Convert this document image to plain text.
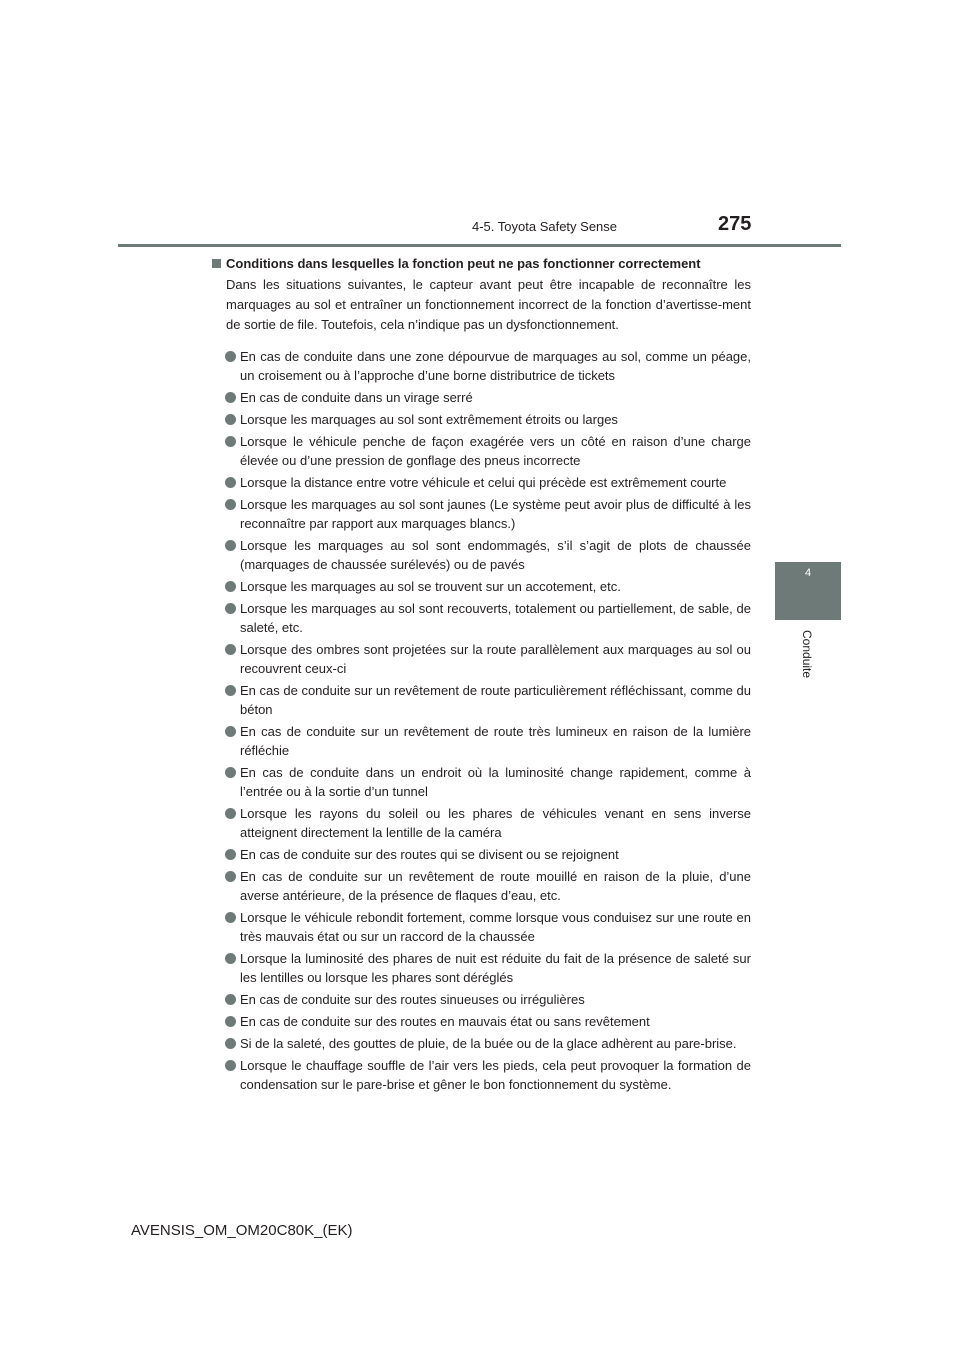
4-5. Toyota Safety Sense	275
4
Conduite
Conditions dans lesquelles la fonction peut ne pas fonctionner correctement
Dans les situations suivantes, le capteur avant peut être incapable de reconnaître les marquages au sol et entraîner un fonctionnement incorrect de la fonction d’avertisse-ment de sortie de file. Toutefois, cela n’indique pas un dysfonctionnement.
En cas de conduite dans une zone dépourvue de marquages au sol, comme un péage, un croisement ou à l’approche d’une borne distributrice de tickets
En cas de conduite dans un virage serré
Lorsque les marquages au sol sont extrêmement étroits ou larges
Lorsque le véhicule penche de façon exagérée vers un côté en raison d’une charge élevée ou d’une pression de gonflage des pneus incorrecte
Lorsque la distance entre votre véhicule et celui qui précède est extrêmement courte
Lorsque les marquages au sol sont jaunes (Le système peut avoir plus de difficulté à les reconnaître par rapport aux marquages blancs.)
Lorsque les marquages au sol sont endommagés, s’il s’agit de plots de chaussée (marquages de chaussée surélevés) ou de pavés
Lorsque les marquages au sol se trouvent sur un accotement, etc.
Lorsque les marquages au sol sont recouverts, totalement ou partiellement, de sable, de saleté, etc.
Lorsque des ombres sont projetées sur la route parallèlement aux marquages au sol ou recouvrent ceux-ci
En cas de conduite sur un revêtement de route particulièrement réfléchissant, comme du béton
En cas de conduite sur un revêtement de route très lumineux en raison de la lumière réfléchie
En cas de conduite dans un endroit où la luminosité change rapidement, comme à l’entrée ou à la sortie d’un tunnel
Lorsque les rayons du soleil ou les phares de véhicules venant en sens inverse atteignent directement la lentille de la caméra
En cas de conduite sur des routes qui se divisent ou se rejoignent
En cas de conduite sur un revêtement de route mouillé en raison de la pluie, d’une averse antérieure, de la présence de flaques d’eau, etc.
Lorsque le véhicule rebondit fortement, comme lorsque vous conduisez sur une route en très mauvais état ou sur un raccord de la chaussée
Lorsque la luminosité des phares de nuit est réduite du fait de la présence de saleté sur les lentilles ou lorsque les phares sont déréglés
En cas de conduite sur des routes sinueuses ou irrégulières
En cas de conduite sur des routes en mauvais état ou sans revêtement
Si de la saleté, des gouttes de pluie, de la buée ou de la glace adhèrent au pare-brise.
Lorsque le chauffage souffle de l’air vers les pieds, cela peut provoquer la formation de condensation sur le pare-brise et gêner le bon fonctionnement du système.
AVENSIS_OM_OM20C80K_(EK)
